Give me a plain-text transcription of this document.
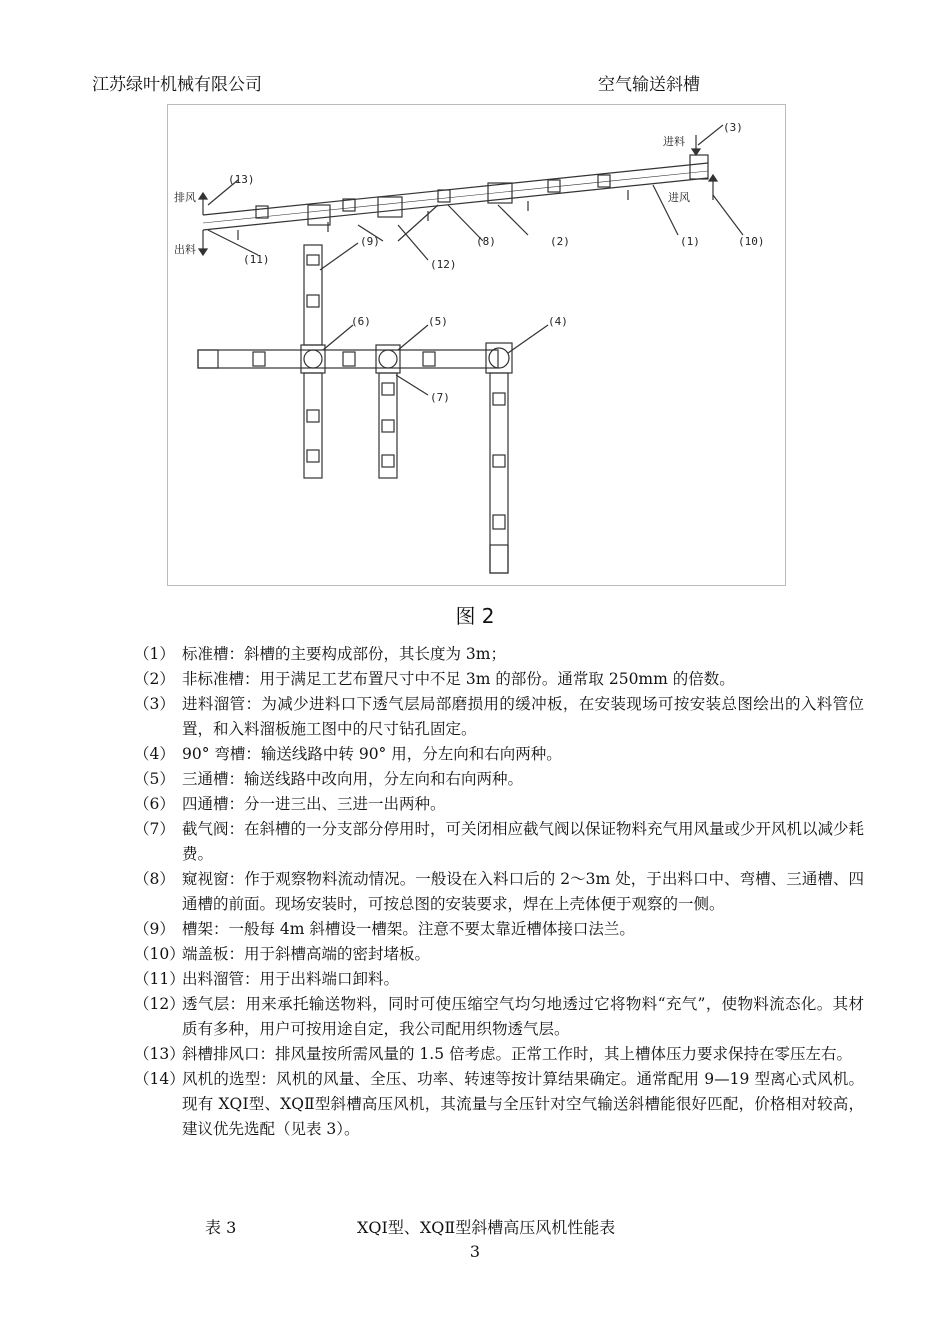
江苏绿叶机械有限公司	空气输送斜槽
(3)
进料
进风
(13)
排风
出料
(11)
(9)
(12)
(8)	(2)	(1)	(10)
(6)	(5)	(4)
(7)
图 2
（1） 标准槽：斜槽的主要构成部份，其长度为 3m；
（2） 非标准槽：用于满足工艺布置尺寸中不足 3m 的部份。通常取 250mm 的倍数。
（3） 进料溜管：为减少进料口下透气层局部磨损用的缓冲板，在安装现场可按安装总图绘出的入料管位置，和入料溜板施工图中的尺寸钻孔固定。
（4） 90° 弯槽：输送线路中转 90° 用，分左向和右向两种。
（5） 三通槽：输送线路中改向用，分左向和右向两种。
（6） 四通槽：分一进三出、三进一出两种。
（7） 截气阀：在斜槽的一分支部分停用时，可关闭相应截气阀以保证物料充气用风量或少开风机以减少耗费。
（8） 窥视窗：作于观察物料流动情况。一般设在入料口后的 2～3m 处，于出料口中、弯槽、三通槽、四通槽的前面。现场安装时，可按总图的安装要求，焊在上壳体便于观察的一侧。
（9） 槽架：一般每 4m 斜槽设一槽架。注意不要太靠近槽体接口法兰。
（10）
端盖板：用于斜槽高端的密封堵板。
（11）
出料溜管：用于出料端口卸料。
（12）
透气层：用来承托输送物料，同时可使压缩空气均匀地透过它将物料“充气”，使物料流态化。其材质有多种，用户可按用途自定，我公司配用织物透气层。
（13）
斜槽排风口：排风量按所需风量的 1.5 倍考虑。正常工作时，其上槽体压力要求保持在零压左右。
（14）
风机的选型：风机的风量、全压、功率、转速等按计算结果确定。通常配用 9—19 型离心式风机。现有 XQⅠ型、XQⅡ型斜槽高压风机，其流量与全压针对空气输送斜槽能很好匹配，价格相对较高，建议优先选配（见表 3）。
表 3	XQⅠ型、XQⅡ型斜槽高压风机性能表
3
